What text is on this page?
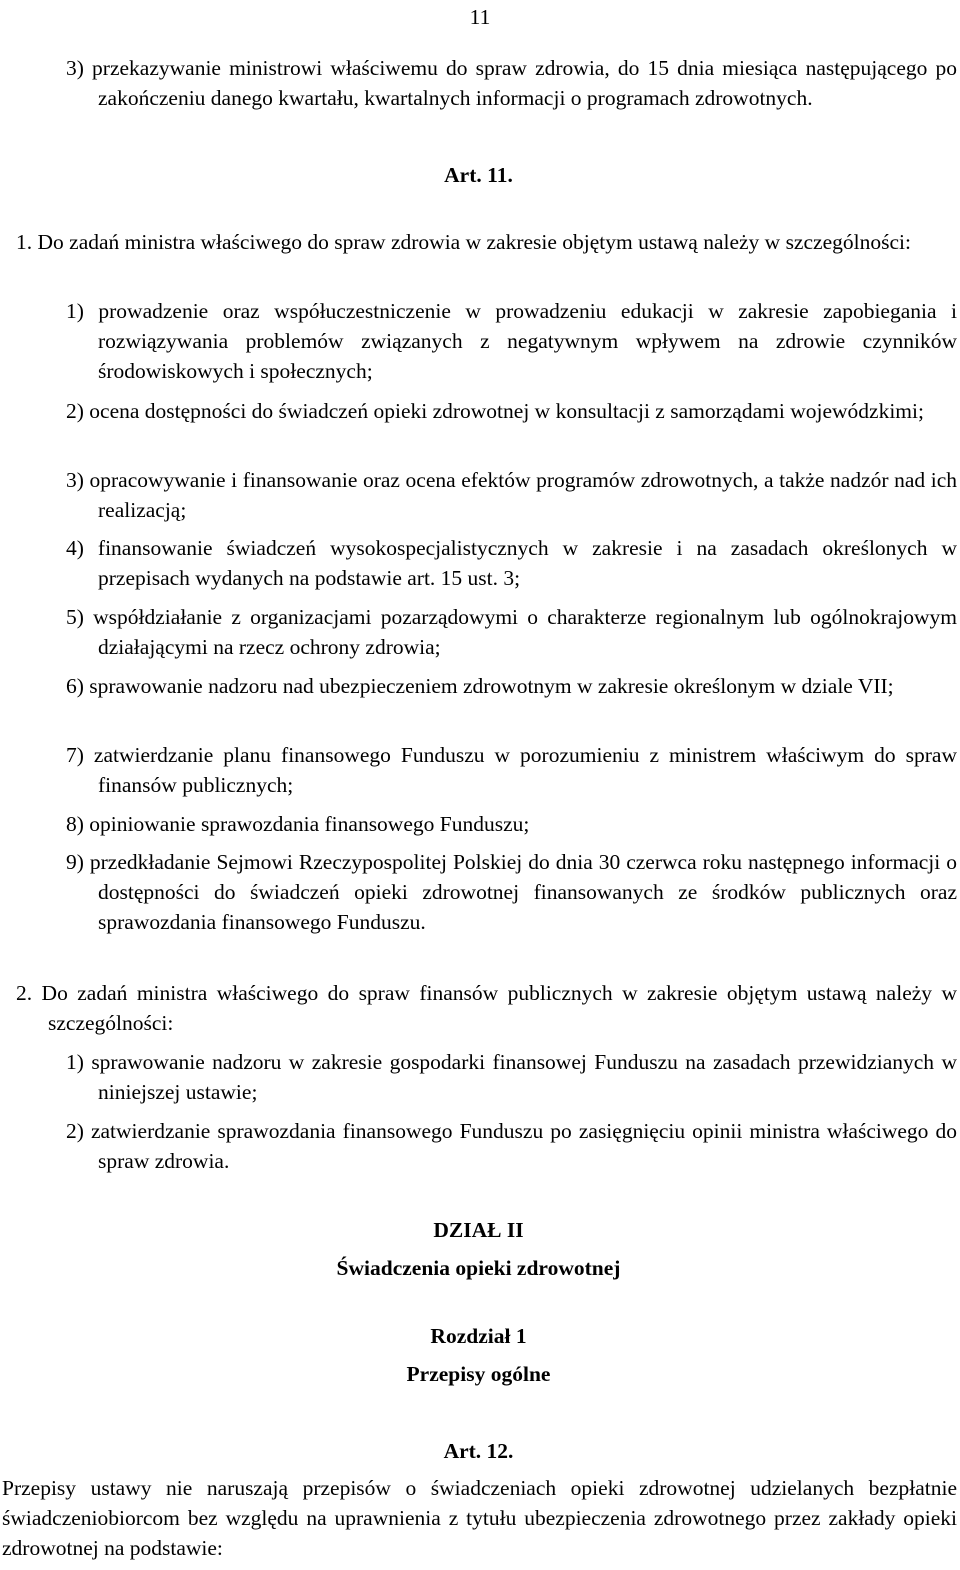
11

3) przekazywanie ministrowi właściwemu do spraw zdrowia, do 15 dnia miesiąca następującego po zakończeniu danego kwartału, kwartalnych informacji o programach zdrowotnych.

Art. 11.

1. Do zadań ministra właściwego do spraw zdrowia w zakresie objętym ustawą należy w szczególności:

1) prowadzenie oraz współuczestniczenie w prowadzeniu edukacji w zakresie zapobiegania i rozwiązywania problemów związanych z negatywnym wpływem na zdrowie czynników środowiskowych i społecznych;

2) ocena dostępności do świadczeń opieki zdrowotnej w konsultacji z samorządami wojewódzkimi;

3) opracowywanie i finansowanie oraz ocena efektów programów zdrowotnych, a także nadzór nad ich realizacją;

4) finansowanie świadczeń wysokospecjalistycznych w zakresie i na zasadach określonych w przepisach wydanych na podstawie art. 15 ust. 3;

5) współdziałanie z organizacjami pozarządowymi o charakterze regionalnym lub ogólnokrajowym działającymi na rzecz ochrony zdrowia;

6) sprawowanie nadzoru nad ubezpieczeniem zdrowotnym w zakresie określonym w dziale VII;

7) zatwierdzanie planu finansowego Funduszu w porozumieniu z ministrem właściwym do spraw finansów publicznych;

8) opiniowanie sprawozdania finansowego Funduszu;

9) przedkładanie Sejmowi Rzeczypospolitej Polskiej do dnia 30 czerwca roku następnego informacji o dostępności do świadczeń opieki zdrowotnej finansowanych ze środków publicznych oraz sprawozdania finansowego Funduszu.

2. Do zadań ministra właściwego do spraw finansów publicznych w zakresie objętym ustawą należy w szczególności:

1) sprawowanie nadzoru w zakresie gospodarki finansowej Funduszu na zasadach przewidzianych w niniejszej ustawie;

2) zatwierdzanie sprawozdania finansowego Funduszu po zasięgnięciu opinii ministra właściwego do spraw zdrowia.

DZIAŁ II
Świadczenia opieki zdrowotnej
Rozdział 1
Przepisy ogólne
Art. 12.
Przepisy ustawy nie naruszają przepisów o świadczeniach opieki zdrowotnej udzielanych bezpłatnie świadczeniobiorcom bez względu na uprawnienia z tytułu ubezpieczenia zdrowotnego przez zakłady opieki zdrowotnej na podstawie:
